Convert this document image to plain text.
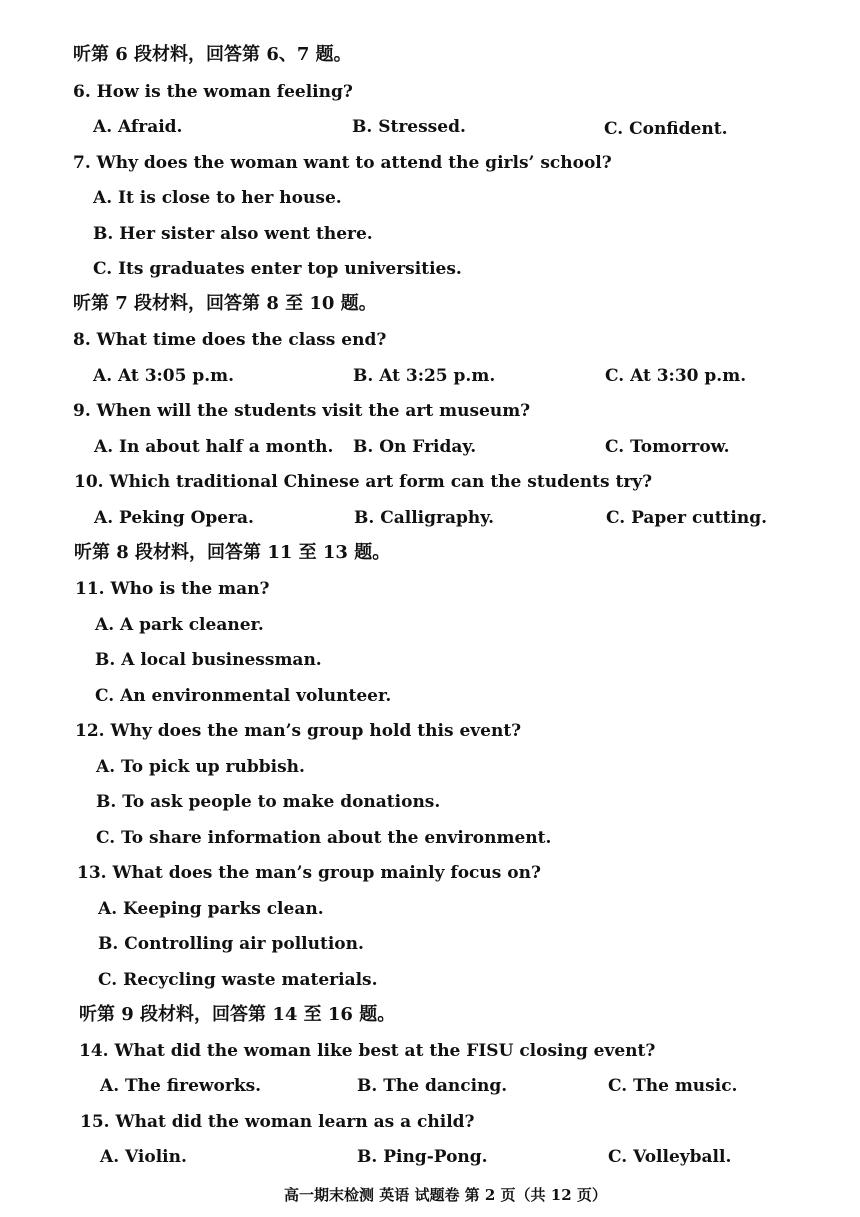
听第 6 段材料，回答第 6、7 题。
6. How is the woman feeling?
A. Afraid.	B. Stressed.	C. Confident.
7. Why does the woman want to attend the girls’ school?
A. It is close to her house.
B. Her sister also went there.
C. Its graduates enter top universities.
听第 7 段材料，回答第 8 至 10 题。
8. What time does the class end?
A. At 3:05 p.m.	B. At 3:25 p.m.	C. At 3:30 p.m.
9. When will the students visit the art museum?
A. In about half a month. B. On Friday.	C. Tomorrow.
10. Which traditional Chinese art form can the students try?
A. Peking Opera.	B. Calligraphy.	C. Paper cutting.
听第 8 段材料，回答第 11 至 13 题。
11. Who is the man?
A. A park cleaner.
B. A local businessman.
C. An environmental volunteer.
12. Why does the man’s group hold this event?
A. To pick up rubbish.
B. To ask people to make donations.
C. To share information about the environment.
13. What does the man’s group mainly focus on?
A. Keeping parks clean.
B. Controlling air pollution.
C. Recycling waste materials.
听第 9 段材料，回答第 14 至 16 题。
14. What did the woman like best at the FISU closing event?
A. The fireworks.	B. The dancing.	C. The music.
15. What did the woman learn as a child?
A. Violin.	B. Ping-Pong.	C. Volleyball.
高一期末检测 英语 试题卷 第 2 页（共 12 页）
